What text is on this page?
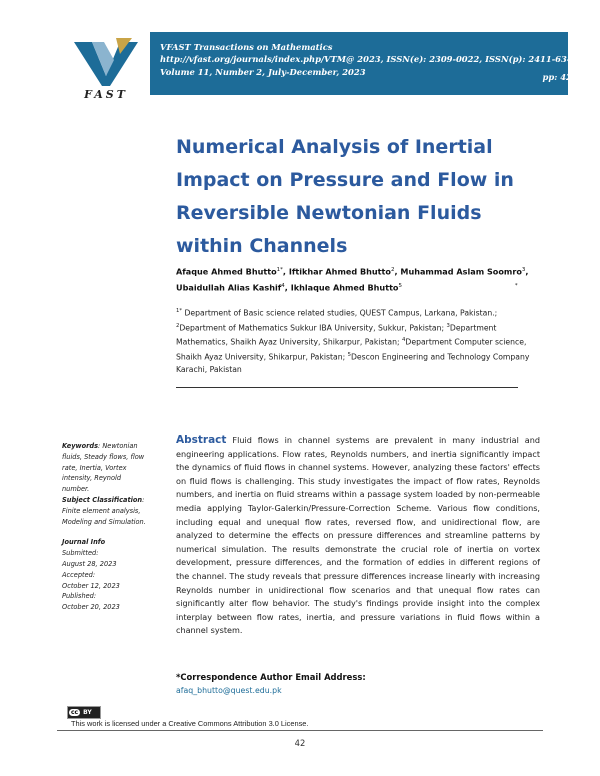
FAST
VFAST Transactions on Mathematics
http://vfast.org/journals/index.php/VTM@ 2023, ISSN(e): 2309-0022, ISSN(p): 2411-6343
Volume 11, Number 2, July-December, 2023
pp: 42-62
Numerical Analysis of Inertial
Impact on Pressure and Flow in
Reversible Newtonian Fluids
within Channels
Afaque Ahmed Bhutto$^{1*}$, Iftikhar Ahmed Bhutto$^2$, Muhammad Aslam Soomro$^3$,
Ubaidullah Alias Kashif$^4$, Ikhlaque Ahmed Bhutto$^5$	*
$^{1*}$ Department of Basic science related studies, QUEST Campus, Larkana, Pakistan.;
$^2$Department of Mathematics Sukkur IBA University, Sukkur, Pakistan; $^3$Department Mathematics, Shaikh Ayaz University, Shikarpur, Pakistan; $^4$Department Computer science, Shaikh Ayaz University, Shikarpur, Pakistan; $^5$Descon Engineering and Technology Company Karachi, Pakistan
Abstract Fluid flows in channel systems are prevalent in many industrial and engineering applications. Flow rates, Reynolds numbers, and inertia significantly impact the dynamics of fluid flows in channel systems. However, analyzing these factors' effects on fluid flows is challenging. This study investigates the impact of flow rates, Reynolds numbers, and inertia on fluid streams within a passage system loaded by non-permeable media applying Taylor-Galerkin/Pressure-Correction Scheme. Various flow conditions, including equal and unequal flow rates, reversed flow, and unidirectional flow, are analyzed to determine the effects on pressure differences and streamline patterns by numerical simulation. The results demonstrate the crucial role of inertia on vortex development, pressure differences, and the formation of eddies in different regions of the channel. The study reveals that pressure differences increase linearly with increasing Reynolds number in unidirectional flow scenarios and that unequal flow rates can significantly alter flow behavior. The study's findings provide insight into the complex interplay between flow rates, inertia, and pressure variations in fluid flows within a channel system.
Keywords: Newtonian fluids, Steady flows, flow rate, Inertia, Vortex intensity, Reynold number.
Subject Classification: Finite element analysis, Modeling and Simulation.
Journal Info
Submitted:
August 28, 2023
Accepted:
October 12, 2023
Published:
October 20, 2023
*Correspondence Author Email Address:
afaq_bhutto@quest.edu.pk
cc BY
This work is licensed under a Creative Commons Attribution 3.0 License.
42
